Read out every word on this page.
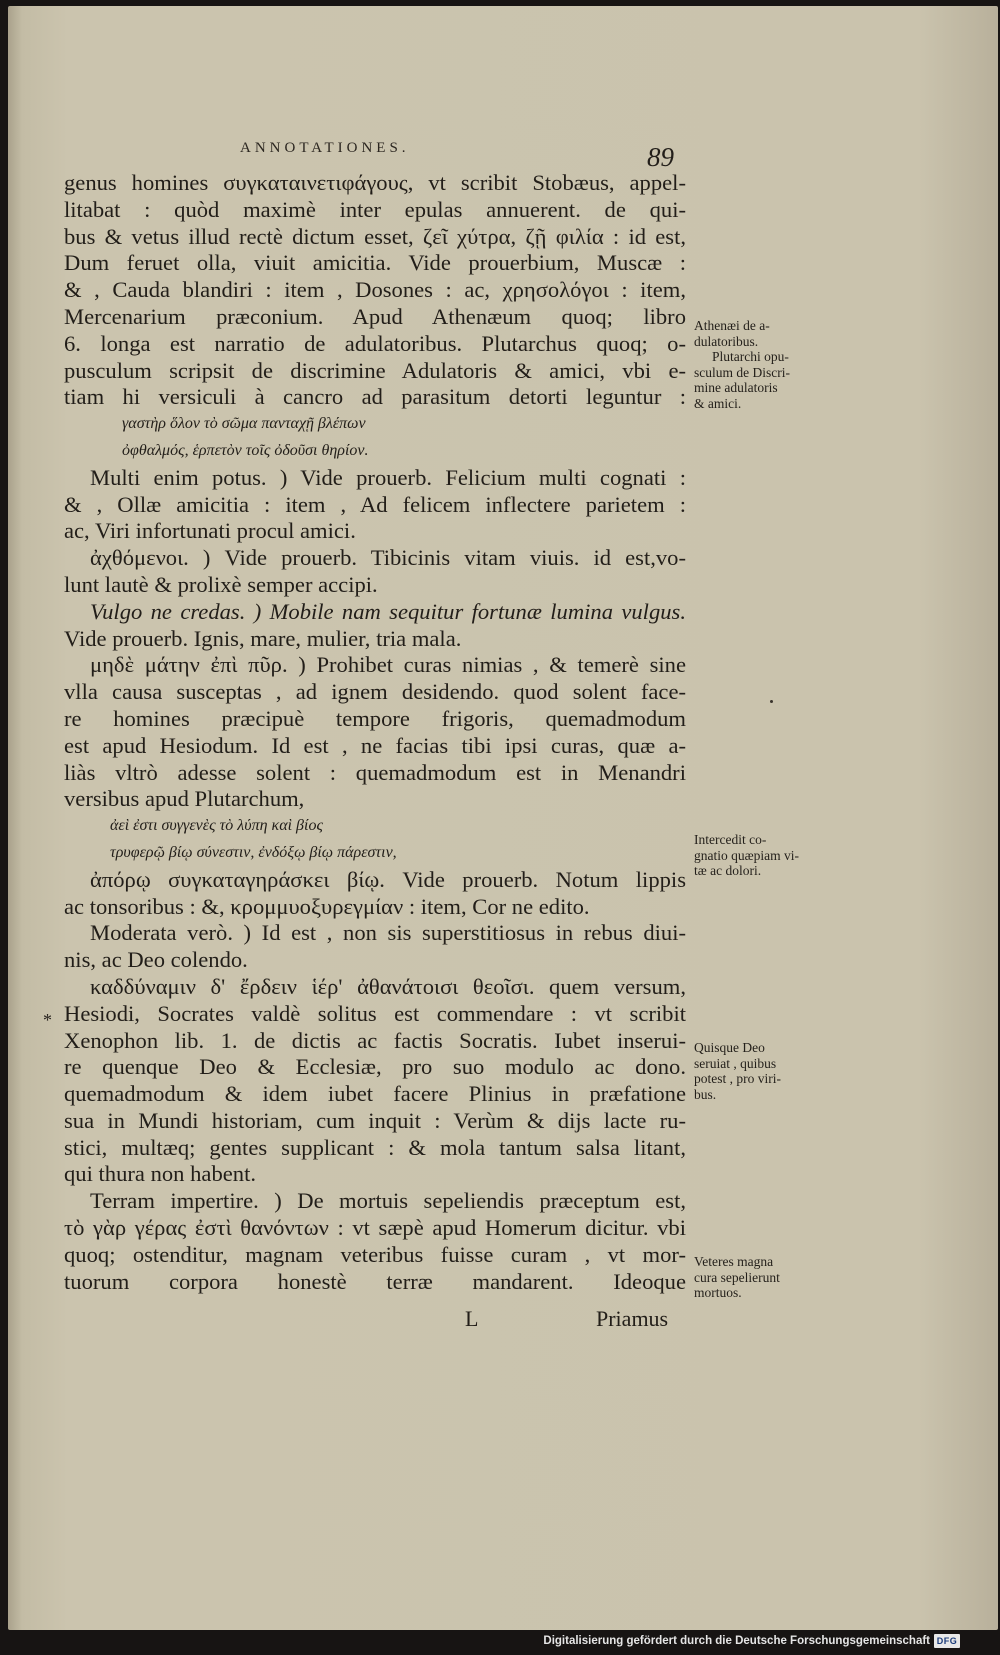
ANNOTATIONES.	89

genus homines συγκαταινετιφάγους, vt scribit Stobæus, appel-

litabat : quòd maximè inter epulas annuerent. de qui-

bus & vetus illud rectè dictum esset, ζεῖ χύτρα, ζῇ φιλία : id est,

Dum feruet olla, viuit amicitia. Vide prouerbium, Muscæ :

& , Cauda blandiri : item , Dosones : ac, χρησολόγοι : item,

Mercenarium præconium. Apud Athenæum quoq; libro

6. longa est narratio de adulatoribus. Plutarchus quoq; o-

pusculum scripsit de discrimine Adulatoris & amici, vbi e-

tiam hi versiculi à cancro ad parasitum detorti leguntur :

γαστὴρ ὅλον τὸ σῶμα πανταχῇ βλέπων

ὀφθαλμός, ἑρπετὸν τοῖς ὀδοῦσι θηρίον.

Multi enim potus. ) Vide prouerb. Felicium multi cognati :

& , Ollæ amicitia : item , Ad felicem inflectere parietem :

ac, Viri infortunati procul amici.

ἀχθόμενοι. ) Vide prouerb. Tibicinis vitam viuis. id est,vo-

lunt lautè & prolixè semper accipi.

Vulgo ne credas. ) Mobile nam sequitur fortunæ lumina vulgus.

Vide prouerb. Ignis, mare, mulier, tria mala.

μηδὲ μάτην ἐπὶ πῦρ. ) Prohibet curas nimias , & temerè sine

vlla causa susceptas , ad ignem desidendo. quod solent face-

re homines præcipuè tempore frigoris, quemadmodum

est apud Hesiodum. Id est , ne facias tibi ipsi curas, quæ a-

liàs vltrò adesse solent : quemadmodum est in Menandri

versibus apud Plutarchum,

ἀεὶ ἐστι συγγενὲς τὸ λύπη καὶ βίος

τρυφερῷ βίῳ σύνεστιν, ἐνδόξῳ βίῳ πάρεστιν,

ἀπόρῳ συγκαταγηράσκει βίῳ. Vide prouerb. Notum lippis

ac tonsoribus : &, κρομμυοξυρεγμίαν : item, Cor ne edito.

Moderata verò. ) Id est , non sis superstitiosus in rebus diui-

nis, ac Deo colendo.

καδδύναμιν δ' ἔρδειν ἱέρ' ἀθανάτοισι θεοῖσι. quem versum,

Hesiodi, Socrates valdè solitus est commendare : vt scribit

Xenophon lib. 1. de dictis ac factis Socratis. Iubet inserui-

re quenque Deo & Ecclesiæ, pro suo modulo ac dono.

quemadmodum & idem iubet facere Plinius in præfatione

sua in Mundi historiam, cum inquit : Verùm & dijs lacte ru-

stici, multæq; gentes supplicant : & mola tantum salsa litant,

qui thura non habent.

Terram impertire. ) De mortuis sepeliendis præceptum est,

τὸ γὰρ γέρας ἐστὶ θανόντων : vt sæpè apud Homerum dicitur. vbi

quoq; ostenditur, magnam veteribus fuisse curam , vt mor-

tuorum corpora honestè terræ mandarent. Ideoque

L	Priamus
*
Athenæi de a-
dulatoribus.
Plutarchi opu-
sculum de Discri-
mine adulatoris
& amici.
Intercedit co-
gnatio quæpiam vi-
tæ ac dolori.
Quisque Deo
seruiat , quibus
potest , pro viri-
bus.
Veteres magna
cura sepelierunt
mortuos.
Digitalisierung gefördert durch die Deutsche Forschungsgemeinschaft DFG
